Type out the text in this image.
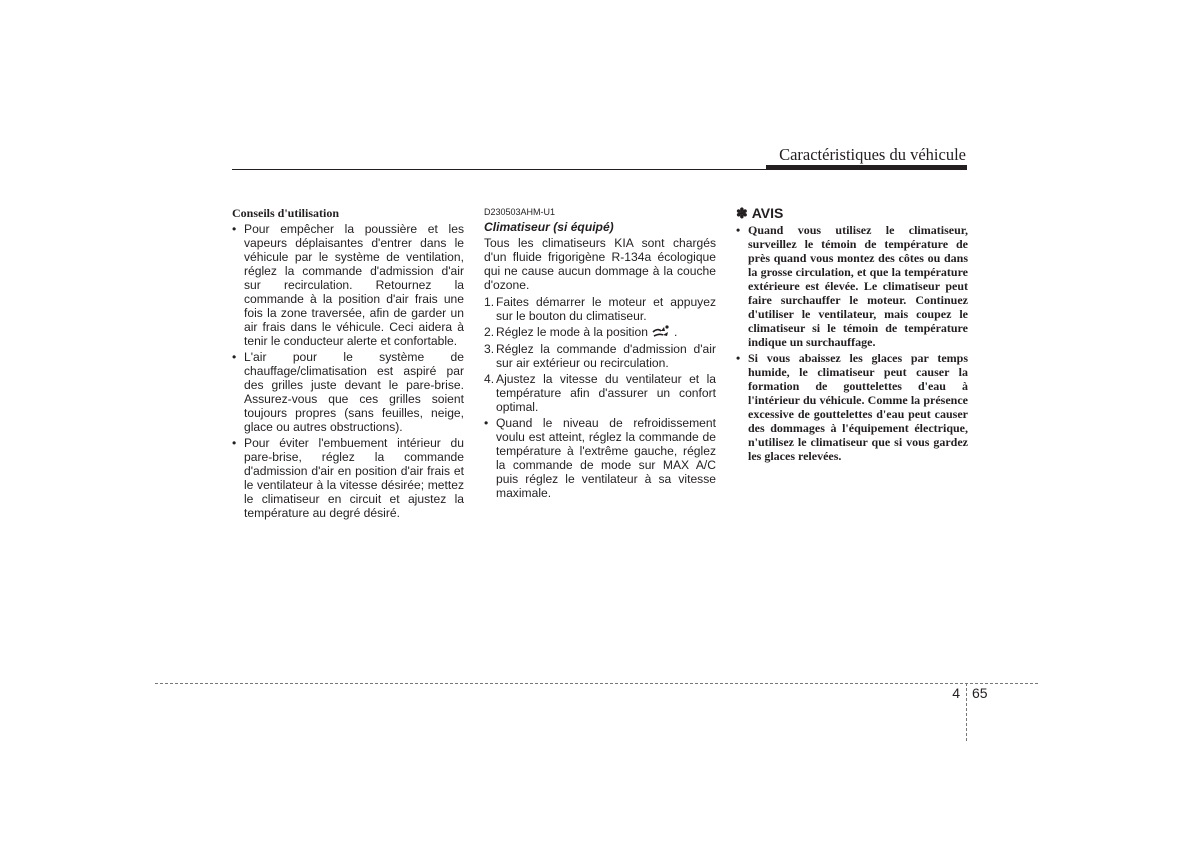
Caractéristiques du véhicule
Conseils d'utilisation
• Pour empêcher la poussière et les vapeurs déplaisantes d'entrer dans le véhicule par le système de ventilation, réglez la commande d'admission d'air sur recirculation. Retournez la commande à la position d'air frais une fois la zone traversée, afin de garder un air frais dans le véhicule. Ceci aidera à tenir le conducteur alerte et confortable.
• L'air pour le système de chauffage/climatisation est aspiré par des grilles juste devant le pare-brise. Assurez-vous que ces grilles soient toujours propres (sans feuilles, neige, glace ou autres obstructions).
• Pour éviter l'embuement intérieur du pare-brise, réglez la commande d'admission d'air en position d'air frais et le ventilateur à la vitesse désirée; mettez le climatiseur en circuit et ajustez la température au degré désiré.
D230503AHM-U1
Climatiseur (si équipé)

Tous les climatiseurs KIA sont chargés d'un fluide frigorigène R-134a écologique qui ne cause aucun dommage à la couche d'ozone.

1. Faites démarrer le moteur et appuyez sur le bouton du climatiseur.
2. Réglez le mode à la position .
3. Réglez la commande d'admission d'air sur air extérieur ou recirculation.
4. Ajustez la vitesse du ventilateur et la température afin d'assurer un confort optimal.
• Quand le niveau de refroidissement voulu est atteint, réglez la commande de température à l'extrême gauche, réglez la commande de mode sur MAX A/C puis réglez le ventilateur à sa vitesse maximale.
✽ AVIS
• Quand vous utilisez le climatiseur, surveillez le témoin de température de près quand vous montez des côtes ou dans la grosse circulation, et que la température extérieure est élevée. Le climatiseur peut faire surchauffer le moteur. Continuez d'utiliser le ventilateur, mais coupez le climatiseur si le témoin de température indique un surchauffage.
• Si vous abaissez les glaces par temps humide, le climatiseur peut causer la formation de gouttelettes d'eau à l'intérieur du véhicule. Comme la présence excessive de gouttelettes d'eau peut causer des dommages à l'équipement électrique, n'utilisez le climatiseur que si vous gardez les glaces relevées.
4 65
